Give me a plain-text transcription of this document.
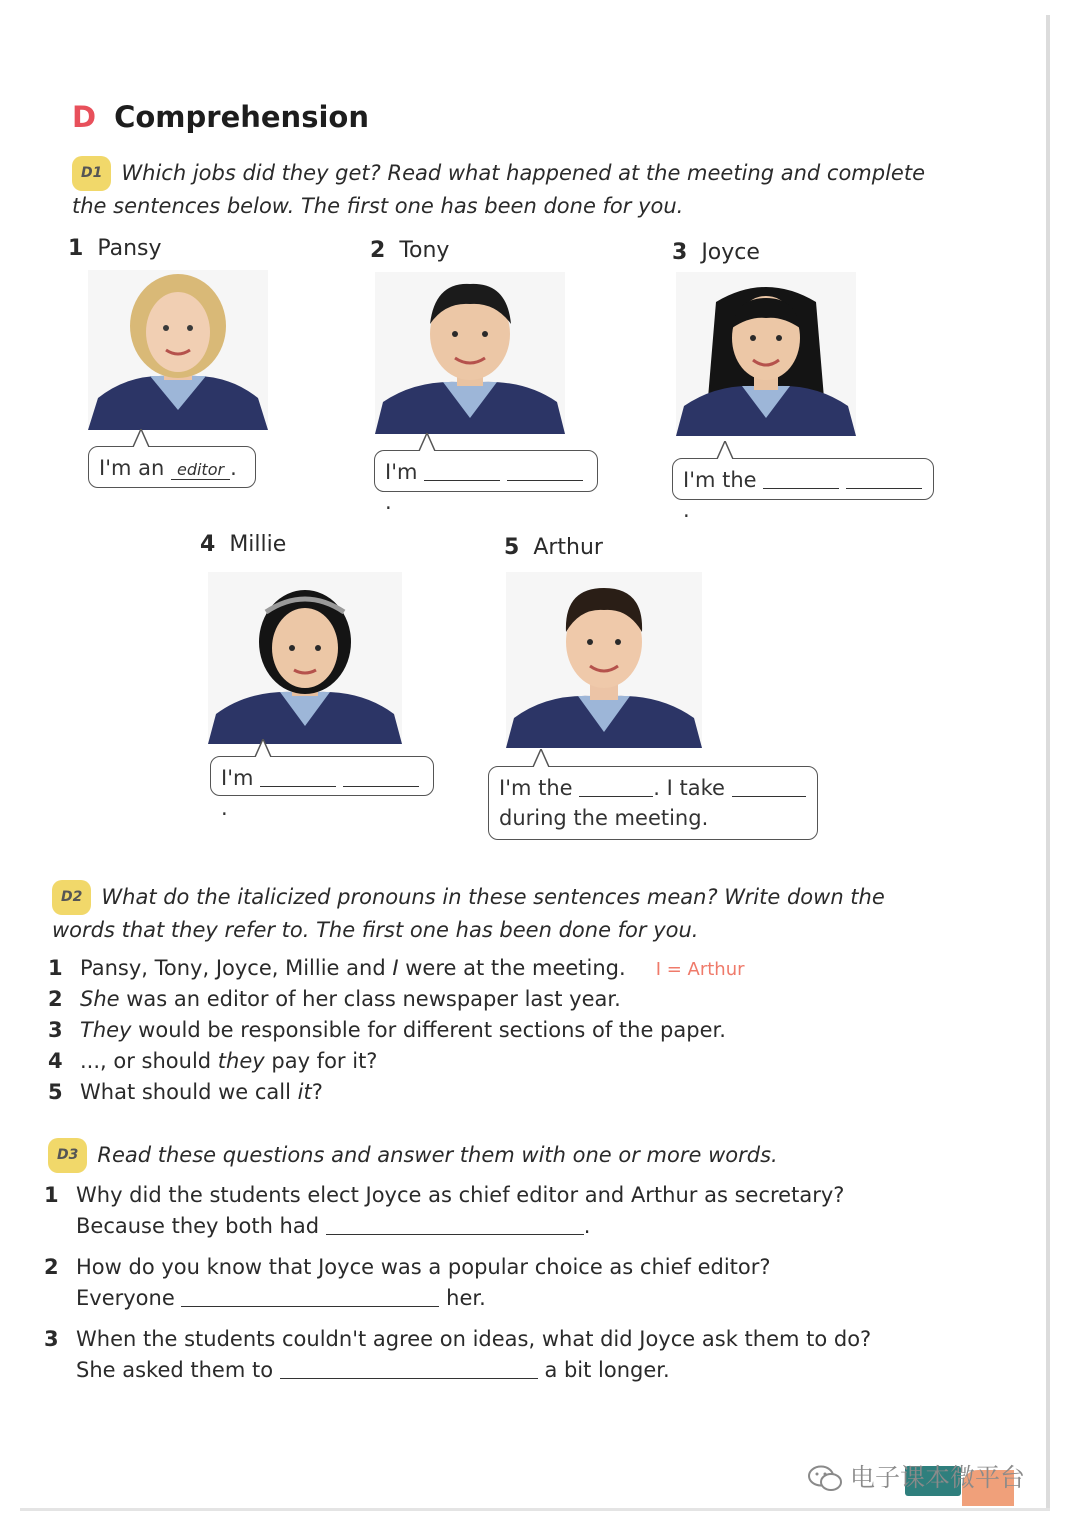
D Comprehension
D1 Which jobs did they get? Read what happened at the meeting and complete
the sentences below. The first one has been done for you.
1 Pansy
I'm an editor .
2 Tony
I'm  .
3 Joyce
I'm the  .
4 Millie
I'm  .
5 Arthur
I'm the	. I take
during the meeting.
D2 What do the italicized pronouns in these sentences mean? Write down the
words that they refer to. The first one has been done for you.
1 Pansy, Tony, Joyce, Millie and I were at the meeting. I = Arthur
2 She was an editor of her class newspaper last year.
3 They would be responsible for different sections of the paper.
4 ..., or should they pay for it?
5 What should we call it?
D3 Read these questions and answer them with one or more words.
1 Why did the students elect Joyce as chief editor and Arthur as secretary?
Because they both had	.
2 How do you know that Joyce was a popular choice as chief editor?
Everyone	her.
3 When the students couldn't agree on ideas, what did Joyce ask them to do?
She asked them to	a bit longer.
电子课本微平台
